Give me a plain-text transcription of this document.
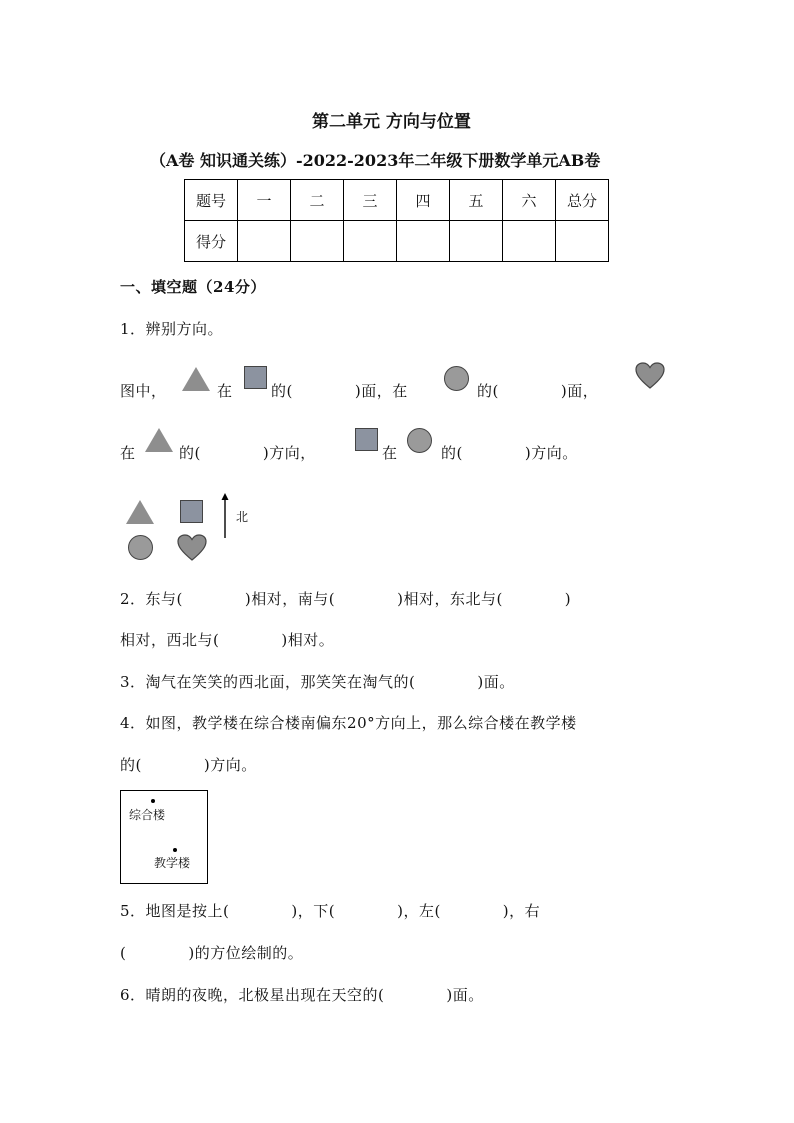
第二单元 方向与位置
（A卷 知识通关练）-2022-2023年二年级下册数学单元AB卷
题号	一	二	三	四	五	六	总分
得分							
一、填空题（24分）
1．辨别方向。
图中，	在	的(　　　　)面，在	的(　　　　)面，
在	的(　　　　)方向，	在	的(　　　　)方向。
北
2．东与(　　　　)相对，南与(　　　　)相对，东北与(　　　　)
相对，西北与(　　　　)相对。
3．淘气在笑笑的西北面，那笑笑在淘气的(　　　　)面。
4．如图，教学楼在综合楼南偏东20°方向上，那么综合楼在教学楼
的(　　　　)方向。
综合楼
教学楼
5．地图是按上(　　　　)，下(　　　　)，左(　　　　)，右
(　　　　)的方位绘制的。
6．晴朗的夜晚，北极星出现在天空的(　　　　)面。
